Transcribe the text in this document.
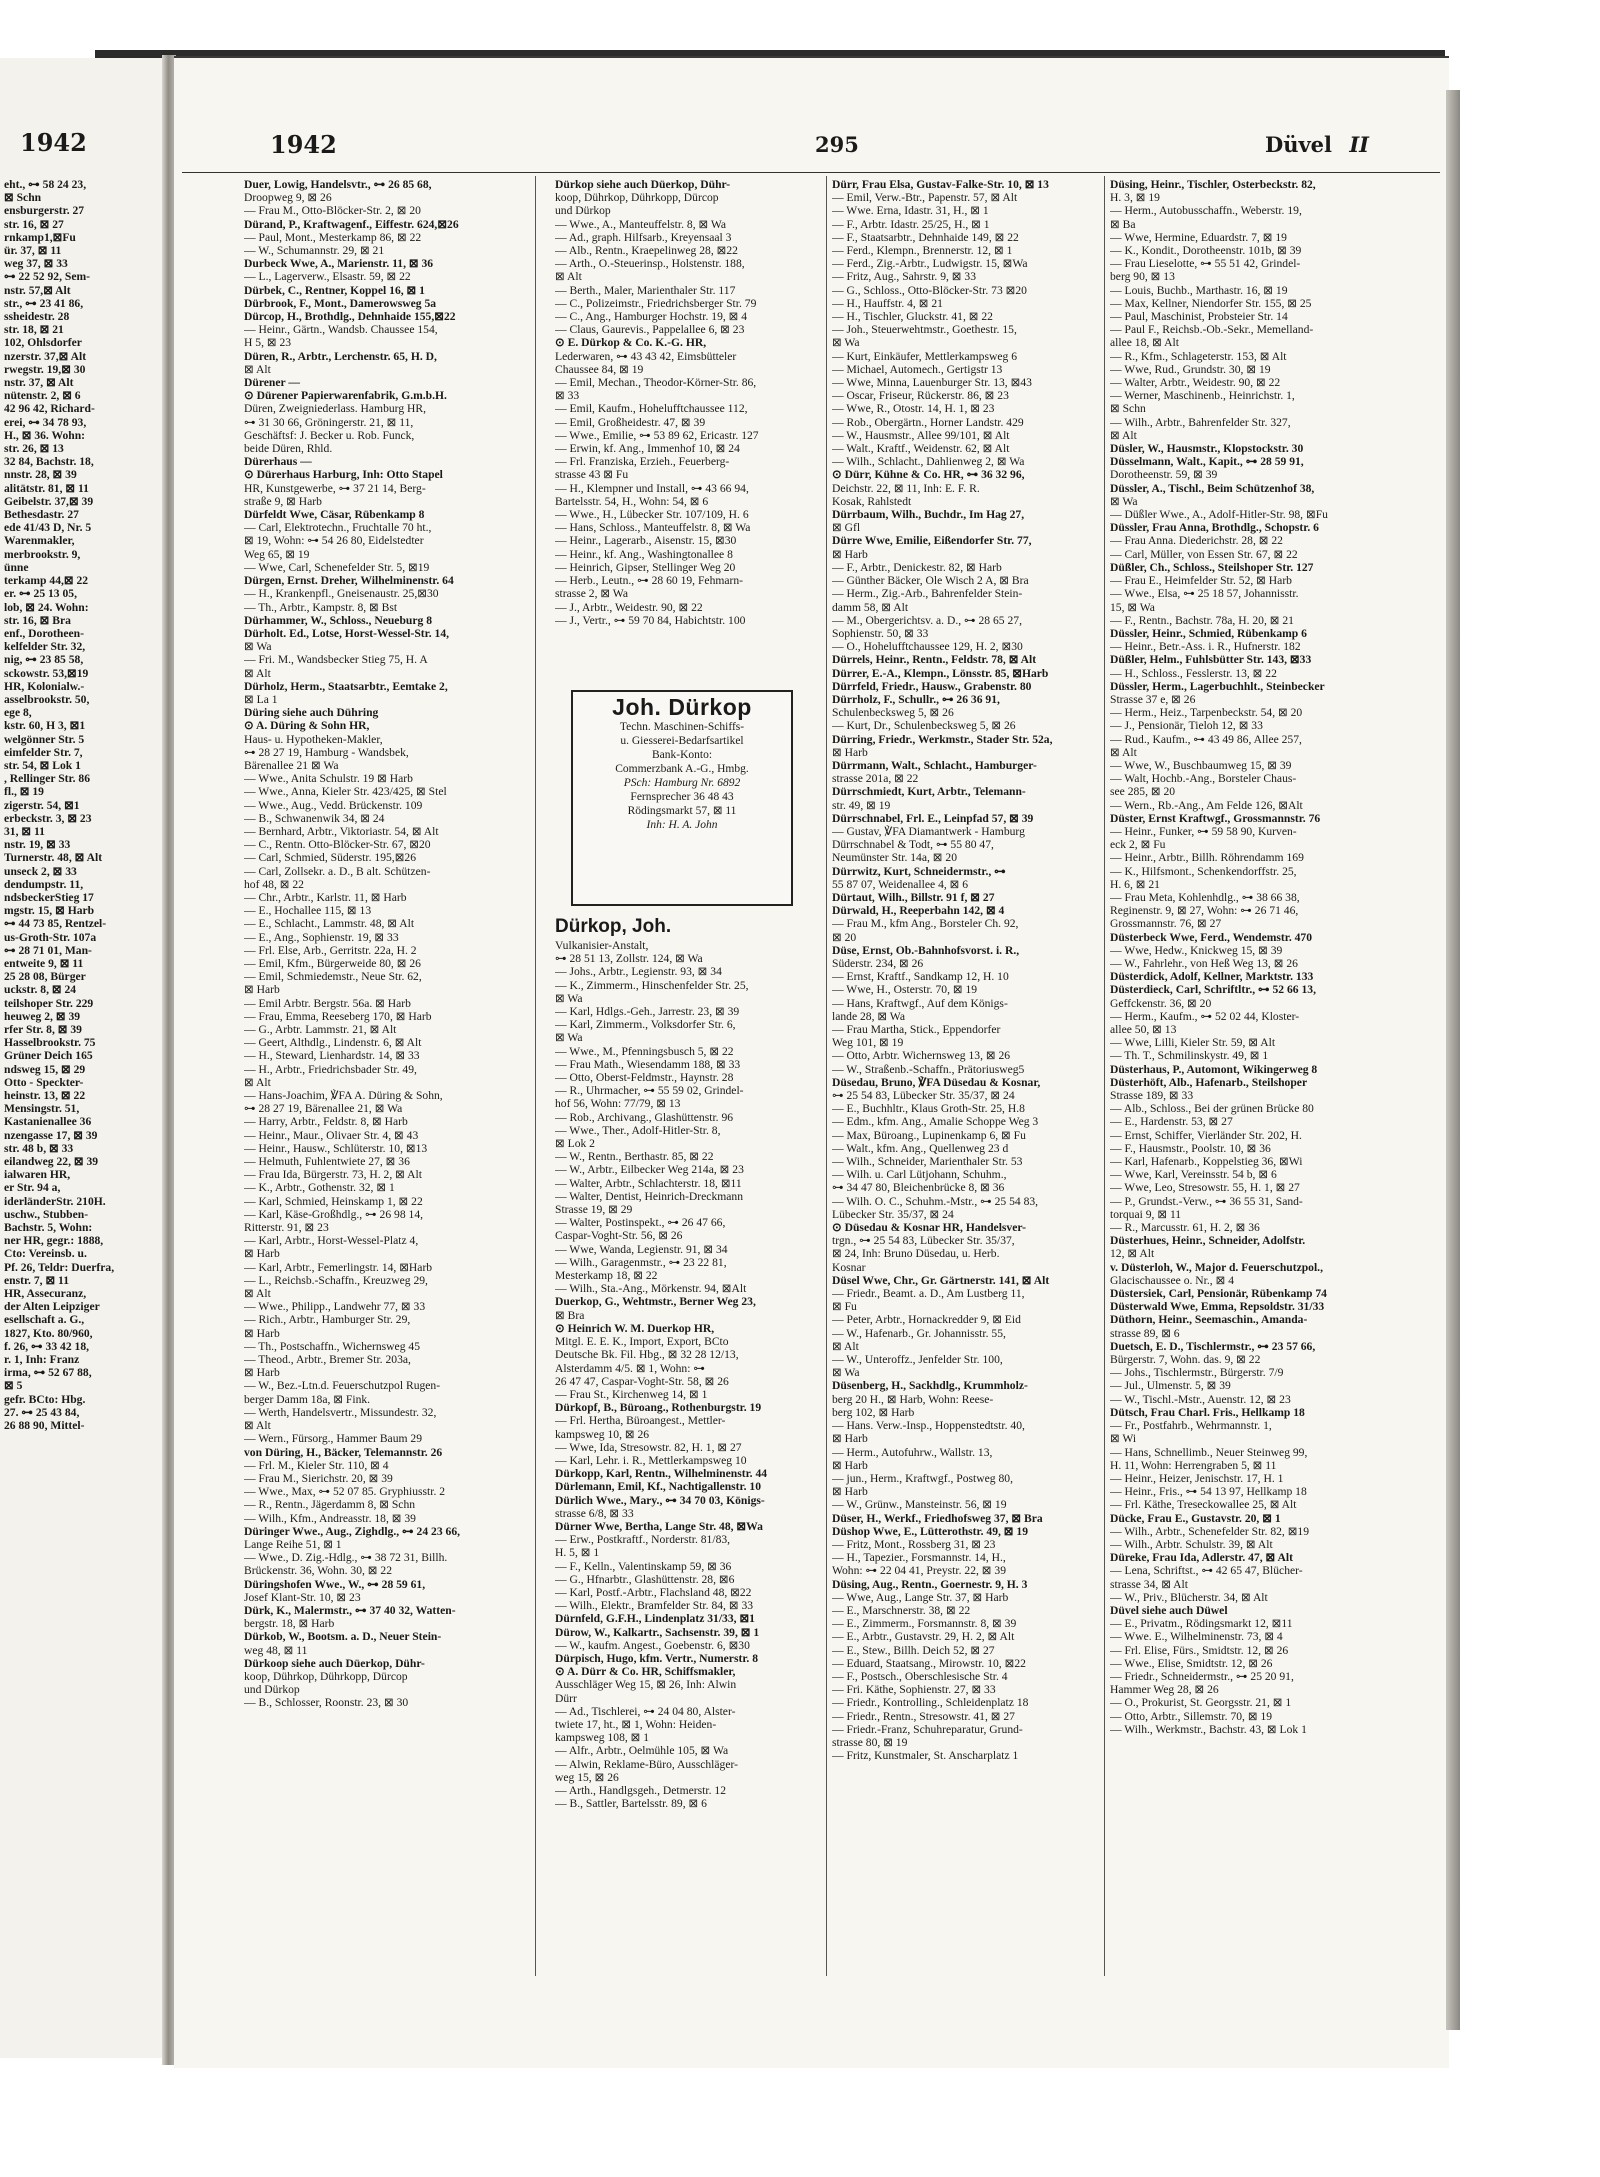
1942

eht., ⊶ 58 24 23,

⊠ Schn

ensburgerstr. 27

str. 16, ⊠ 27

rnkamp1,⊠Fu

ür. 37, ⊠ 11

weg 37, ⊠ 33

⊶ 22 52 92, Sem-

nstr. 57,⊠ Alt

str., ⊶ 23 41 86,

ssheidestr. 28

str. 18, ⊠ 21

102, Ohlsdorfer

nzerstr. 37,⊠ Alt

rwegstr. 19,⊠ 30

nstr. 37, ⊠ Alt

nütenstr. 2, ⊠ 6

42 96 42, Richard-

erei, ⊶ 34 78 93,

H., ⊠ 36. Wohn:

str. 26, ⊠ 13

32 84, Bachstr. 18,

nnstr. 28, ⊠ 39

alitätstr. 81, ⊠ 11

Geibelstr. 37,⊠ 39

Bethesdastr. 27

ede 41/43 D, Nr. 5

Warenmakler,

merbrookstr. 9,

ünne

terkamp 44,⊠ 22

er. ⊶ 25 13 05,

lob, ⊠ 24. Wohn:

str. 16, ⊠ Bra

enf., Dorotheen-

kelfelder Str. 32,

nig, ⊶ 23 85 58,

sckowstr. 53,⊠19

HR, Kolonialw.-

asselbrookstr. 50,

ege 8,

kstr. 60, H 3, ⊠1

welgönner Str. 5

eimfelder Str. 7,

str. 54, ⊠ Lok 1

, Rellinger Str. 86

fl., ⊠ 19

zigerstr. 54, ⊠1

erbeckstr. 3, ⊠ 23

31, ⊠ 11

nstr. 19, ⊠ 33

Turnerstr. 48, ⊠ Alt

unseck 2, ⊠ 33

dendumpstr. 11,

ndsbeckerStieg 17

mgstr. 15, ⊠ Harb

⊶ 44 73 85, Rentzel-

us-Groth-Str. 107a

⊶ 28 71 01, Man-

entweite 9, ⊠ 11

25 28 08, Bürger

uckstr. 8, ⊠ 24

teilshoper Str. 229

heuweg 2, ⊠ 39

rfer Str. 8, ⊠ 39

Hasselbrookstr. 75

Grüner Deich 165

ndsweg 15, ⊠ 29

Otto - Speckter-

heinstr. 13, ⊠ 22

Mensingstr. 51,

Kastanienallee 36

nzengasse 17, ⊠ 39

str. 48 b, ⊠ 33

eilandweg 22, ⊠ 39

ialwaren HR,

er Str. 94 a,

iderländerStr. 210H.

uschw., Stubben-

Bachstr. 5, Wohn:

ner HR, gegr.: 1888,

Cto: Vereinsb. u.

Pf. 26, Teldr: Duerfra,

enstr. 7, ⊠ 11

HR, Assecuranz,

der Alten Leipziger

esellschaft a. G.,

1827, Kto. 80/960,

f. 26, ⊶ 33 42 18,

r. 1, Inh: Franz

irma, ⊶ 52 67 88,

⊠ 5

gefr. BCto: Hbg.

27. ⊶ 25 43 84,

26 88 90, Mittel-

1942	295	Düvel II

Duer, Lowig, Handelsvtr., ⊶ 26 85 68,

Droopweg 9, ⊠ 26

— Frau M., Otto-Blöcker-Str. 2, ⊠ 20

Dürand, P., Kraftwagenf., Eiffestr. 624,⊠26

— Paul, Mont., Mesterkamp 86, ⊠ 22

— W., Schumannstr. 29, ⊠ 21

Durbeck Wwe, A., Marienstr. 11, ⊠ 36

— L., Lagerverw., Elsastr. 59, ⊠ 22

Dürbek, C., Rentner, Koppel 16, ⊠ 1

Dürbrook, F., Mont., Damerowsweg 5a

Dürcop, H., Brothdlg., Dehnhaide 155,⊠22

— Heinr., Gärtn., Wandsb. Chaussee 154,

H 5, ⊠ 23

Düren, R., Arbtr., Lerchenstr. 65, H. D,

⊠ Alt

Dürener —

⊙ Dürener Papierwarenfabrik, G.m.b.H.

Düren, Zweigniederlass. Hamburg HR,

⊶ 31 30 66, Gröningerstr. 21, ⊠ 11,

Geschäftsf: J. Becker u. Rob. Funck,

beide Düren, Rhld.

Dürerhaus —

⊙ Dürerhaus Harburg, Inh: Otto Stapel

HR, Kunstgewerbe, ⊶ 37 21 14, Berg-

straße 9, ⊠ Harb

Dürfeldt Wwe, Cäsar, Rübenkamp 8

— Carl, Elektrotechn., Fruchtalle 70 ht.,

⊠ 19, Wohn: ⊶ 54 26 80, Eidelstedter

Weg 65, ⊠ 19

— Wwe, Carl, Schenefelder Str. 5, ⊠19

Dürgen, Ernst. Dreher, Wilhelminenstr. 64

— H., Krankenpfl., Gneisenaustr. 25,⊠30

— Th., Arbtr., Kampstr. 8, ⊠ Bst

Dürhammer, W., Schloss., Neueburg 8

Dürholt. Ed., Lotse, Horst-Wessel-Str. 14,

⊠ Wa

— Fri. M., Wandsbecker Stieg 75, H. A

⊠ Alt

Dürholz, Herm., Staatsarbtr., Eemtake 2,

⊠ La 1

Düring siehe auch Dühring

⊙ A. Düring & Sohn HR,

Haus- u. Hypotheken-Makler,

⊶ 28 27 19, Hamburg - Wandsbek,

Bärenallee 21 ⊠ Wa

— Wwe., Anita Schulstr. 19 ⊠ Harb

— Wwe., Anna, Kieler Str. 423/425, ⊠ Stel

— Wwe., Aug., Vedd. Brückenstr. 109

— B., Schwanenwik 34, ⊠ 24

— Bernhard, Arbtr., Viktoriastr. 54, ⊠ Alt

— C., Rentn. Otto-Blöcker-Str. 67, ⊠20

— Carl, Schmied, Süderstr. 195,⊠26

— Carl, Zollsekr. a. D., B alt. Schützen-

hof 48, ⊠ 22

— Chr., Arbtr., Karlstr. 11, ⊠ Harb

— E., Hochallee 115, ⊠ 13

— E., Schlacht., Lammstr. 48, ⊠ Alt

— E., Ang., Sophienstr. 19, ⊠ 33

— Frl. Else, Arb., Gerritstr. 22a, H. 2

— Emil, Kfm., Bürgerweide 80, ⊠ 26

— Emil, Schmiedemstr., Neue Str. 62,

⊠ Harb

— Emil Arbtr. Bergstr. 56a. ⊠ Harb

— Frau, Emma, Reeseberg 170, ⊠ Harb

— G., Arbtr. Lammstr. 21, ⊠ Alt

— Geert, Althdlg., Lindenstr. 6, ⊠ Alt

— H., Steward, Lienhardstr. 14, ⊠ 33

— H., Arbtr., Friedrichsbader Str. 49,

⊠ Alt

— Hans-Joachim, ℣FA A. Düring & Sohn,

⊶ 28 27 19, Bärenallee 21, ⊠ Wa

— Harry, Arbtr., Feldstr. 8, ⊠ Harb

— Heinr., Maur., Olivaer Str. 4, ⊠ 43

— Heinr., Hausw., Schlüterstr. 10, ⊠13

— Helmuth, Fuhlentwiete 27, ⊠ 36

— Frau Ida, Bürgerstr. 73, H. 2, ⊠ Alt

— K., Arbtr., Gothenstr. 32, ⊠ 1

— Karl, Schmied, Heinskamp 1, ⊠ 22

— Karl, Käse-Großhdlg., ⊶ 26 98 14,

Ritterstr. 91, ⊠ 23

— Karl, Arbtr., Horst-Wessel-Platz 4,

⊠ Harb

— Karl, Arbtr., Femerlingstr. 14, ⊠Harb

— L., Reichsb.-Schaffn., Kreuzweg 29,

⊠ Alt

— Wwe., Philipp., Landwehr 77, ⊠ 33

— Rich., Arbtr., Hamburger Str. 29,

⊠ Harb

— Th., Postschaffn., Wichernsweg 45

— Theod., Arbtr., Bremer Str. 203a,

⊠ Harb

— W., Bez.-Ltn.d. Feuerschutzpol Rugen-

berger Damm 18a, ⊠ Fink.

— Werth, Handelsvertr., Missundestr. 32,

⊠ Alt

— Wern., Fürsorg., Hammer Baum 29

von Düring, H., Bäcker, Telemannstr. 26

— Frl. M., Kieler Str. 110, ⊠ 4

— Frau M., Sierichstr. 20, ⊠ 39

— Wwe., Max, ⊶ 52 07 85. Gryphiusstr. 2

— R., Rentn., Jägerdamm 8, ⊠ Schn

— Wilh., Kfm., Andreasstr. 18, ⊠ 39

Düringer Wwe., Aug., Zighdlg., ⊶ 24 23 66,

Lange Reihe 51, ⊠ 1

— Wwe., D. Zig.-Hdlg., ⊶ 38 72 31, Billh.

Brückenstr. 36, Wohn. 30, ⊠ 22

Düringshofen Wwe., W., ⊶ 28 59 61,

Josef Klant-Str. 10, ⊠ 23

Dürk, K., Malermstr., ⊶ 37 40 32, Watten-

bergstr. 18, ⊠ Harb

Dürkob, W., Bootsm. a. D., Neuer Stein-

weg 48, ⊠ 11

Dürkoop siehe auch Düerkop, Dühr-

koop, Dührkop, Dührkopp, Dürcop

und Dürkop

— B., Schlosser, Roonstr. 23, ⊠ 30

Dürkop siehe auch Düerkop, Dühr-

koop, Dührkop, Dührkopp, Dürcop

und Dürkop

— Wwe., A., Manteuffelstr. 8, ⊠ Wa

— Ad., graph. Hilfsarb., Kreyensaal 3

— Alb., Rentn., Kraepelinweg 28, ⊠22

— Arth., O.-Steuerinsp., Holstenstr. 188,

⊠ Alt

— Berth., Maler, Marienthaler Str. 117

— C., Polizeimstr., Friedrichsberger Str. 79

— C., Ang., Hamburger Hochstr. 19, ⊠ 4

— Claus, Gaurevis., Pappelallee 6, ⊠ 23

⊙ E. Dürkop & Co. K.-G. HR,

Lederwaren, ⊶ 43 43 42, Eimsbütteler

Chaussee 84, ⊠ 19

— Emil, Mechan., Theodor-Körner-Str. 86,

⊠ 33

— Emil, Kaufm., Hohelufftchaussee 112,

— Emil, Großheidestr. 47, ⊠ 39

— Wwe., Emilie, ⊶ 53 89 62, Ericastr. 127

— Erwin, kf. Ang., Immenhof 10, ⊠ 24

— Frl. Franziska, Erzieh., Feuerberg-

strasse 43 ⊠ Fu

— H., Klempner und Install, ⊶ 43 66 94,

Bartelsstr. 54, H., Wohn: 54, ⊠ 6

— Wwe., H., Lübecker Str. 107/109, H. 6

— Hans, Schloss., Manteuffelstr. 8, ⊠ Wa

— Heinr., Lagerarb., Aisenstr. 15, ⊠30

— Heinr., kf. Ang., Washingtonallee 8

— Heinrich, Gipser, Stellinger Weg 20

— Herb., Leutn., ⊶ 28 60 19, Fehmarn-

strasse 2, ⊠ Wa

— J., Arbtr., Weidestr. 90, ⊠ 22

— J., Vertr., ⊶ 59 70 84, Habichtstr. 100

Joh. Dürkop
Techn. Maschinen-Schiffs-
u. Giesserei-Bedarfsartikel
Bank-Konto:
Commerzbank A.-G., Hmbg.
PSch: Hamburg Nr. 6892
Fernsprecher 36 48 43
Rödingsmarkt 57, ⊠ 11
Inh: H. A. John

Dürkop, Joh.

Vulkanisier-Anstalt,

⊶ 28 51 13, Zollstr. 124, ⊠ Wa

— Johs., Arbtr., Legienstr. 93, ⊠ 34

— K., Zimmerm., Hinschenfelder Str. 25,

⊠ Wa

— Karl, Hdlgs.-Geh., Jarrestr. 23, ⊠ 39

— Karl, Zimmerm., Volksdorfer Str. 6,

⊠ Wa

— Wwe., M., Pfenningsbusch 5, ⊠ 22

— Frau Math., Wiesendamm 188, ⊠ 33

— Otto, Oberst-Feldmstr., Haynstr. 28

— R., Uhrmacher, ⊶ 55 59 02, Grindel-

hof 56, Wohn: 77/79, ⊠ 13

— Rob., Archivang., Glashüttenstr. 96

— Wwe., Ther., Adolf-Hitler-Str. 8,

⊠ Lok 2

— W., Rentn., Berthastr. 85, ⊠ 22

— W., Arbtr., Eilbecker Weg 214a, ⊠ 23

— Walter, Arbtr., Schlachterstr. 18, ⊠11

— Walter, Dentist, Heinrich-Dreckmann

Strasse 19, ⊠ 29

— Walter, Postinspekt., ⊶ 26 47 66,

Caspar-Voght-Str. 56, ⊠ 26

— Wwe, Wanda, Legienstr. 91, ⊠ 34

— Wilh., Garagenmstr., ⊶ 23 22 81,

Mesterkamp 18, ⊠ 22

— Wilh., Sta.-Ang., Mörkenstr. 94, ⊠Alt

Duerkop, G., Wehtmstr., Berner Weg 23,

⊠ Bra

⊙ Heinrich W. M. Duerkop HR,

Mitgl. E. E. K., Import, Export, BCto

Deutsche Bk. Fil. Hbg., ⊠ 32 28 12/13,

Alsterdamm 4/5. ⊠ 1, Wohn: ⊶

26 47 47, Caspar-Voght-Str. 58, ⊠ 26

— Frau St., Kirchenweg 14, ⊠ 1

Dürkopf, B., Büroang., Rothenburgstr. 19

— Frl. Hertha, Büroangest., Mettler-

kampsweg 10, ⊠ 26

— Wwe, Ida, Stresowstr. 82, H. 1, ⊠ 27

— Karl, Lehr. i. R., Mettlerkampsweg 10

Dürkopp, Karl, Rentn., Wilhelminenstr. 44

Dürlemann, Emil, Kf., Nachtigallenstr. 10

Dürlich Wwe., Mary., ⊶ 34 70 03, Königs-

strasse 6/8, ⊠ 33

Dürner Wwe, Bertha, Lange Str. 48, ⊠Wa

— Erw., Postkraftf., Norderstr. 81/83,

H. 5, ⊠ 1

— F., Kelln., Valentinskamp 59, ⊠ 36

— G., Hfnarbtr., Glashüttenstr. 28, ⊠6

— Karl, Postf.-Arbtr., Flachsland 48, ⊠22

— Wilh., Elektr., Bramfelder Str. 84, ⊠ 33

Dürnfeld, G.F.H., Lindenplatz 31/33, ⊠1

Dürow, W., Kalkartr., Sachsenstr. 39, ⊠ 1

— W., kaufm. Angest., Goebenstr. 6, ⊠30

Dürpisch, Hugo, kfm. Vertr., Numerstr. 8

⊙ A. Dürr & Co. HR, Schiffsmakler,

Ausschläger Weg 15, ⊠ 26, Inh: Alwin

Dürr

— Ad., Tischlerei, ⊶ 24 04 80, Alster-

twiete 17, ht., ⊠ 1, Wohn: Heiden-

kampsweg 108, ⊠ 1

— Alfr., Arbtr., Oelmühle 105, ⊠ Wa

— Alwin, Reklame-Büro, Ausschläger-

weg 15, ⊠ 26

— Arth., Handlgsgeh., Detmerstr. 12

— B., Sattler, Bartelsstr. 89, ⊠ 6

Dürr, Frau Elsa, Gustav-Falke-Str. 10, ⊠ 13

— Emil, Verw.-Btr., Papenstr. 57, ⊠ Alt

— Wwe. Erna, Idastr. 31, H., ⊠ 1

— F., Arbtr. Idastr. 25/25, H., ⊠ 1

— F., Staatsarbtr., Dehnhaide 149, ⊠ 22

— Ferd., Klempn., Brennerstr. 12, ⊠ 1

— Ferd., Zig.-Arbtr., Ludwigstr. 15, ⊠Wa

— Fritz, Aug., Sahrstr. 9, ⊠ 33

— G., Schloss., Otto-Blöcker-Str. 73 ⊠20

— H., Hauffstr. 4, ⊠ 21

— H., Tischler, Gluckstr. 41, ⊠ 22

— Joh., Steuerwehtmstr., Goethestr. 15,

⊠ Wa

— Kurt, Einkäufer, Mettlerkampsweg 6

— Michael, Automech., Gertigstr 13

— Wwe, Minna, Lauenburger Str. 13, ⊠43

— Oscar, Friseur, Rückerstr. 86, ⊠ 23

— Wwe, R., Otostr. 14, H. 1, ⊠ 23

— Rob., Obergärtn., Horner Landstr. 429

— W., Hausmstr., Allee 99/101, ⊠ Alt

— Walt., Kraftf., Weidenstr. 62, ⊠ Alt

— Wilh., Schlacht., Dahlienweg 2, ⊠ Wa

⊙ Dürr, Kühne & Co. HR, ⊶ 36 32 96,

Deichstr. 22, ⊠ 11, Inh: E. F. R.

Kosak, Rahlstedt

Dürrbaum, Wilh., Buchdr., Im Hag 27,

⊠ Gfl

Dürre Wwe, Emilie, Eißendorfer Str. 77,

⊠ Harb

— F., Arbtr., Denickestr. 82, ⊠ Harb

— Günther Bäcker, Ole Wisch 2 A, ⊠ Bra

— Herm., Zig.-Arb., Bahrenfelder Stein-

damm 58, ⊠ Alt

— M., Obergerichtsv. a. D., ⊶ 28 65 27,

Sophienstr. 50, ⊠ 33

— O., Hohelufftchaussee 129, H. 2, ⊠30

Dürrels, Heinr., Rentn., Feldstr. 78, ⊠ Alt

Dürrer, E.-A., Klempn., Lönsstr. 85, ⊠Harb

Dürrfeld, Friedr., Hausw., Grabenstr. 80

Dürrholz, F., Schullr., ⊶ 26 36 91,

Schulenbecksweg 5, ⊠ 26

— Kurt, Dr., Schulenbecksweg 5, ⊠ 26

Dürring, Friedr., Werkmstr., Stader Str. 52a,

⊠ Harb

Dürrmann, Walt., Schlacht., Hamburger-

strasse 201a, ⊠ 22

Dürrschmiedt, Kurt, Arbtr., Telemann-

str. 49, ⊠ 19

Dürrschnabel, Frl. E., Leinpfad 57, ⊠ 39

— Gustav, ℣FA Diamantwerk - Hamburg

Dürrschnabel & Todt, ⊶ 55 80 47,

Neumünster Str. 14a, ⊠ 20

Dürrwitz, Kurt, Schneidermstr., ⊶

55 87 07, Weidenallee 4, ⊠ 6

Dürtaut, Wilh., Billstr. 91 f, ⊠ 27

Dürwald, H., Reeperbahn 142, ⊠ 4

— Frau M., kfm Ang., Borsteler Ch. 92,

⊠ 20

Düse, Ernst, Ob.-Bahnhofsvorst. i. R.,

Süderstr. 234, ⊠ 26

— Ernst, Kraftf., Sandkamp 12, H. 10

— Wwe, H., Osterstr. 70, ⊠ 19

— Hans, Kraftwgf., Auf dem Königs-

lande 28, ⊠ Wa

— Frau Martha, Stick., Eppendorfer

Weg 101, ⊠ 19

— Otto, Arbtr. Wichernsweg 13, ⊠ 26

— W., Straßenb.-Schaffn., Prätoriusweg5

Düsedau, Bruno, ℣FA Düsedau & Kosnar,

⊶ 25 54 83, Lübecker Str. 35/37, ⊠ 24

— E., Buchhltr., Klaus Groth-Str. 25, H.8

— Edm., kfm. Ang., Amalie Schoppe Weg 3

— Max, Büroang., Lupinenkamp 6, ⊠ Fu

— Walt., kfm. Ang., Quellenweg 23 d

— Wilh., Schneider, Marienthaler Str. 53

— Wilh. u. Carl Lütjohann, Schuhm.,

⊶ 34 47 80, Bleichenbrücke 8, ⊠ 36

— Wilh. O. C., Schuhm.-Mstr., ⊶ 25 54 83,

Lübecker Str. 35/37, ⊠ 24

⊙ Düsedau & Kosnar HR, Handelsver-

trgn., ⊶ 25 54 83, Lübecker Str. 35/37,

⊠ 24, Inh: Bruno Düsedau, u. Herb.

Kosnar

Düsel Wwe, Chr., Gr. Gärtnerstr. 141, ⊠ Alt

— Friedr., Beamt. a. D., Am Lustberg 11,

⊠ Fu

— Peter, Arbtr., Hornackredder 9, ⊠ Eid

— W., Hafenarb., Gr. Johannisstr. 55,

⊠ Alt

— W., Unteroffz., Jenfelder Str. 100,

⊠ Wa

Düsenberg, H., Sackhdlg., Krummholz-

berg 20 H., ⊠ Harb, Wohn: Reese-

berg 102, ⊠ Harb

— Hans. Verw.-Insp., Hoppenstedtstr. 40,

⊠ Harb

— Herm., Autofuhrw., Wallstr. 13,

⊠ Harb

— jun., Herm., Kraftwgf., Postweg 80,

⊠ Harb

— W., Grünw., Mansteinstr. 56, ⊠ 19

Düser, H., Werkf., Friedhofsweg 37, ⊠ Bra

Düshop Wwe, E., Lütterothstr. 49, ⊠ 19

— Fritz, Mont., Rossberg 31, ⊠ 23

— H., Tapezier., Forsmannstr. 14, H.,

Wohn: ⊶ 22 04 41, Preystr. 22, ⊠ 39

Düsing, Aug., Rentn., Goernestr. 9, H. 3

— Wwe, Aug., Lange Str. 37, ⊠ Harb

— E., Marschnerstr. 38, ⊠ 22

— E., Zimmerm., Forsmannstr. 8, ⊠ 39

— E., Arbtr., Gustavstr. 29, H. 2, ⊠ Alt

— E., Stew., Billh. Deich 52, ⊠ 27

— Eduard, Staatsang., Mirowstr. 10, ⊠22

— F., Postsch., Oberschlesische Str. 4

— Fri. Käthe, Sophienstr. 27, ⊠ 33

— Friedr., Kontrolling., Schleidenplatz 18

— Friedr., Rentn., Stresowstr. 41, ⊠ 27

— Friedr.-Franz, Schuhreparatur, Grund-

strasse 80, ⊠ 19

— Fritz, Kunstmaler, St. Anscharplatz 1

Düsing, Heinr., Tischler, Osterbeckstr. 82,

H. 3, ⊠ 19

— Herm., Autobusschaffn., Weberstr. 19,

⊠ Ba

— Wwe, Hermine, Eduardstr. 7, ⊠ 19

— K., Kondit., Dorotheenstr. 101b, ⊠ 39

— Frau Lieselotte, ⊶ 55 51 42, Grindel-

berg 90, ⊠ 13

— Louis, Buchb., Marthastr. 16, ⊠ 19

— Max, Kellner, Niendorfer Str. 155, ⊠ 25

— Paul, Maschinist, Probsteier Str. 14

— Paul F., Reichsb.-Ob.-Sekr., Memelland-

allee 18, ⊠ Alt

— R., Kfm., Schlageterstr. 153, ⊠ Alt

— Wwe, Rud., Grundstr. 30, ⊠ 19

— Walter, Arbtr., Weidestr. 90, ⊠ 22

— Werner, Maschinenb., Heinrichstr. 1,

⊠ Schn

— Wilh., Arbtr., Bahrenfelder Str. 327,

⊠ Alt

Düsler, W., Hausmstr., Klopstockstr. 30

Düsselmann, Walt., Kapit., ⊶ 28 59 91,

Dorotheenstr. 59, ⊠ 39

Düssler, A., Tischl., Beim Schützenhof 38,

⊠ Wa

— Düßler Wwe., A., Adolf-Hitler-Str. 98, ⊠Fu

Düssler, Frau Anna, Brothdlg., Schopstr. 6

— Frau Anna. Diederichstr. 28, ⊠ 22

— Carl, Müller, von Essen Str. 67, ⊠ 22

Düßler, Ch., Schloss., Steilshoper Str. 127

— Frau E., Heimfelder Str. 52, ⊠ Harb

— Wwe., Elsa, ⊶ 25 18 57, Johannisstr.

15, ⊠ Wa

— F., Rentn., Bachstr. 78a, H. 20, ⊠ 21

Düssler, Heinr., Schmied, Rübenkamp 6

— Heinr., Betr.-Ass. i. R., Hufnerstr. 182

Düßler, Helm., Fuhlsbütter Str. 143, ⊠33

— H., Schloss., Fesslerstr. 13, ⊠ 22

Düssler, Herm., Lagerbuchhlt., Steinbecker

Strasse 37 e, ⊠ 26

— Herm., Heiz., Tarpenbeckstr. 54, ⊠ 20

— J., Pensionär, Tieloh 12, ⊠ 33

— Rud., Kaufm., ⊶ 43 49 86, Allee 257,

⊠ Alt

— Wwe, W., Buschbaumweg 15, ⊠ 39

— Walt, Hochb.-Ang., Borsteler Chaus-

see 285, ⊠ 20

— Wern., Rb.-Ang., Am Felde 126, ⊠Alt

Düster, Ernst Kraftwgf., Grossmannstr. 76

— Heinr., Funker, ⊶ 59 58 90, Kurven-

eck 2, ⊠ Fu

— Heinr., Arbtr., Billh. Röhrendamm 169

— K., Hilfsmont., Schenkendorffstr. 25,

H. 6, ⊠ 21

— Frau Meta, Kohlenhdlg., ⊶ 38 66 38,

Reginenstr. 9, ⊠ 27, Wohn: ⊶ 26 71 46,

Grossmannstr. 76, ⊠ 27

Düsterbeck Wwe, Ferd., Wendemstr. 470

— Wwe, Hedw., Knickweg 15, ⊠ 39

— W., Fahrlehr., von Heß Weg 13, ⊠ 26

Düsterdick, Adolf, Kellner, Marktstr. 133

Düsterdieck, Carl, Schriftltr., ⊶ 52 66 13,

Geffckenstr. 36, ⊠ 20

— Herm., Kaufm., ⊶ 52 02 44, Kloster-

allee 50, ⊠ 13

— Wwe, Lilli, Kieler Str. 59, ⊠ Alt

— Th. T., Schmilinskystr. 49, ⊠ 1

Düsterhaus, P., Automont, Wikingerweg 8

Düsterhöft, Alb., Hafenarb., Steilshoper

Strasse 189, ⊠ 33

— Alb., Schloss., Bei der grünen Brücke 80

— E., Hardenstr. 53, ⊠ 27

— Ernst, Schiffer, Vierländer Str. 202, H.

— F., Hausmstr., Poolstr. 10, ⊠ 36

— Karl, Hafenarb., Koppelstieg 36, ⊠Wi

— Wwe, Karl, Vereinsstr. 54 b, ⊠ 6

— Wwe, Leo, Stresowstr. 55, H. 1, ⊠ 27

— P., Grundst.-Verw., ⊶ 36 55 31, Sand-

torquai 9, ⊠ 11

— R., Marcusstr. 61, H. 2, ⊠ 36

Düsterhues, Heinr., Schneider, Adolfstr.

12, ⊠ Alt

v. Düsterloh, W., Major d. Feuerschutzpol.,

Glacischaussee o. Nr., ⊠ 4

Düstersiek, Carl, Pensionär, Rübenkamp 74

Düsterwald Wwe, Emma, Repsoldstr. 31/33

Düthorn, Heinr., Seemaschin., Amanda-

strasse 89, ⊠ 6

Duetsch, E. D., Tischlermstr., ⊶ 23 57 66,

Bürgerstr. 7, Wohn. das. 9, ⊠ 22

— Johs., Tischlermstr., Bürgerstr. 7/9

— Jul., Ulmenstr. 5, ⊠ 39

— W., Tischl.-Mstr., Auenstr. 12, ⊠ 23

Dütsch, Frau Charl. Fris., Hellkamp 18

— Fr., Postfahrb., Wehrmannstr. 1,

⊠ Wi

— Hans, Schnellimb., Neuer Steinweg 99,

H. 11, Wohn: Herrengraben 5, ⊠ 11

— Heinr., Heizer, Jenischstr. 17, H. 1

— Heinr., Fris., ⊶ 54 13 97, Hellkamp 18

— Frl. Käthe, Treseckowallee 25, ⊠ Alt

Dücke, Frau E., Gustavstr. 20, ⊠ 1

— Wilh., Arbtr., Schenefelder Str. 82, ⊠19

— Wilh., Arbtr. Schulstr. 39, ⊠ Alt

Düreke, Frau Ida, Adlerstr. 47, ⊠ Alt

— Lena, Schriftst., ⊶ 42 65 47, Blücher-

strasse 34, ⊠ Alt

— W., Priv., Blücherstr. 34, ⊠ Alt

Düvel siehe auch Düwel

— E., Privatm., Rödingsmarkt 12, ⊠11

— Wwe. E., Wilhelminenstr. 73, ⊠ 4

— Frl. Elise, Fürs., Smidtstr. 12, ⊠ 26

— Wwe., Elise, Smidtstr. 12, ⊠ 26

— Friedr., Schneidermstr., ⊶ 25 20 91,

Hammer Weg 28, ⊠ 26

— O., Prokurist, St. Georgsstr. 21, ⊠ 1

— Otto, Arbtr., Sillemstr. 70, ⊠ 19

— Wilh., Werkmstr., Bachstr. 43, ⊠ Lok 1
